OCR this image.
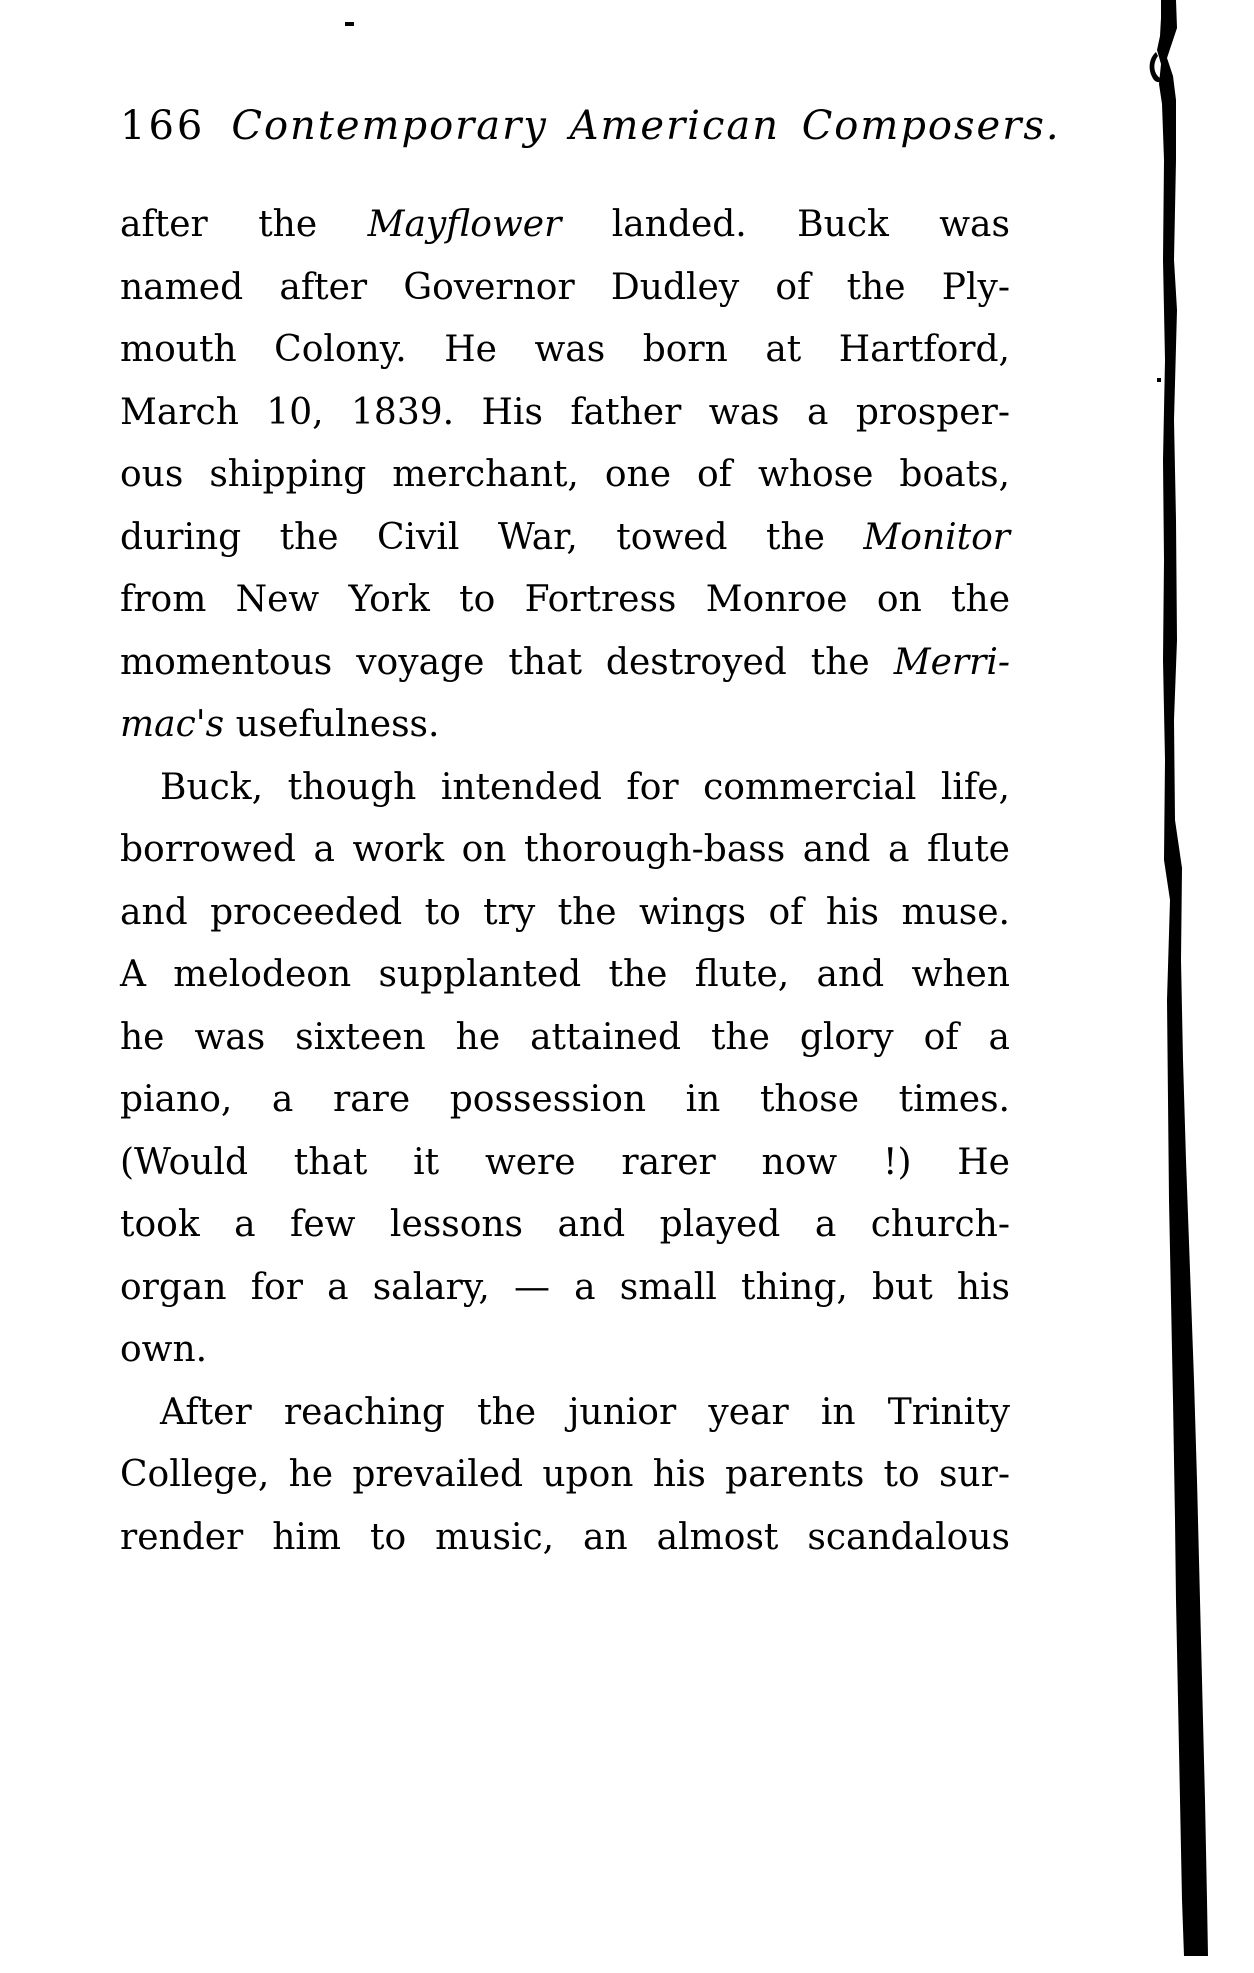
166 Contemporary American Composers.
after the Mayflower landed. Buck was
named after Governor Dudley of the Ply-
mouth Colony. He was born at Hartford,
March 10, 1839. His father was a prosper-
ous shipping merchant, one of whose boats,
during the Civil War, towed the Monitor
from New York to Fortress Monroe on the
momentous voyage that destroyed the Merri-
mac's usefulness.
Buck, though intended for commercial life,
borrowed a work on thorough-bass and a flute
and proceeded to try the wings of his muse.
A melodeon supplanted the flute, and when
he was sixteen he attained the glory of a
piano, a rare possession in those times.
(Would that it were rarer now !) He
took a few lessons and played a church-
organ for a salary, — a small thing, but his
own.
After reaching the junior year in Trinity
College, he prevailed upon his parents to sur-
render him to music, an almost scandalous
